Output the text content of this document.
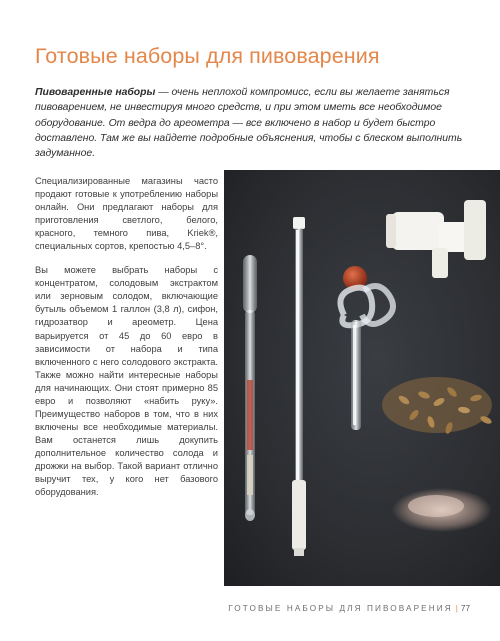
Готовые наборы для пивоварения

Пивоваренные наборы — очень неплохой компромисс, если вы желаете заняться пивоварением, не инвестируя много средств, и при этом иметь все необходимое оборудование. От ведра до ареометра — все включено в набор и будет быстро доставлено. Там же вы найдете подробные объяснения, чтобы с блеском выполнить задуманное.

Специализированные магазины часто продают готовые к употреблению наборы онлайн. Они предлагают наборы для приготовления светлого, белого, красного, темного пива, Kriek®, специальных сортов, крепостью 4,5–8°.

Вы можете выбрать наборы с концентратом, солодовым экстрактом или зерновым солодом, включающие бутыль объемом 1 галлон (3,8 л), сифон, гидрозатвор и ареометр. Цена варьируется от 45 до 60 евро в зависимости от набора и типа включенного с него солодового экстракта. Также можно найти интересные наборы для начинающих. Они стоят примерно 85 евро и позволяют «набить руку». Преимущество наборов в том, что в них включены все необходимые материалы. Вам останется лишь докупить дополнительное количество солода и дрожжи на выбор. Такой вариант отлично выручит тех, у кого нет базового оборудования.

ГОТОВЫЕ НАБОРЫ ДЛЯ ПИВОВАРЕНИЯ | 77
